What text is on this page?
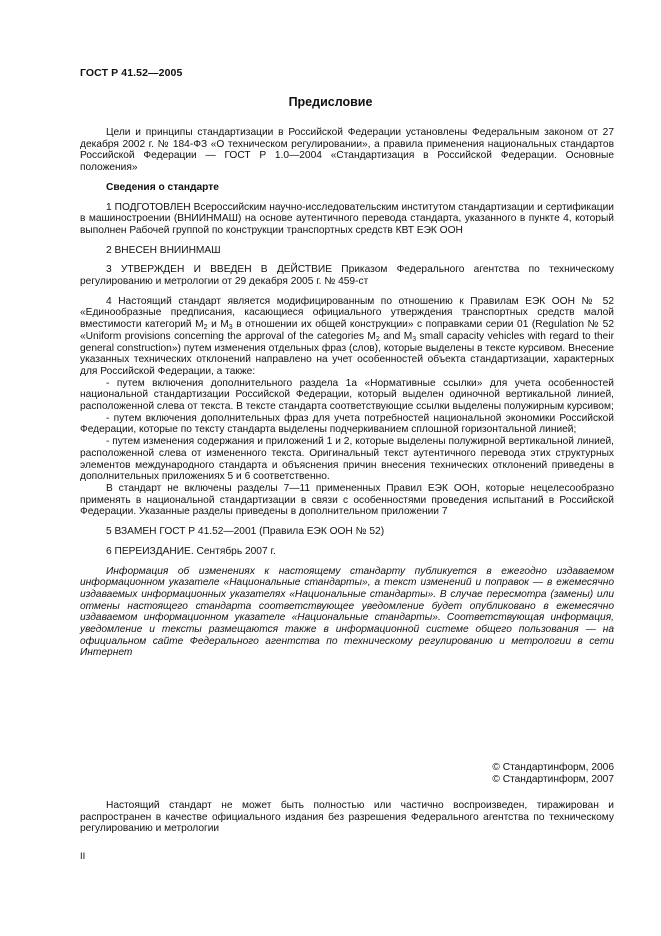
ГОСТ Р 41.52—2005
Предисловие

Цели и принципы стандартизации в Российской Федерации установлены Федеральным законом от 27 декабря 2002 г. № 184-ФЗ «О техническом регулировании», а правила применения национальных стандартов Российской Федерации — ГОСТ Р 1.0—2004 «Стандартизация в Российской Федерации. Основные положения»

Сведения о стандарте

1 ПОДГОТОВЛЕН Всероссийским научно-исследовательским институтом стандартизации и сертификации в машиностроении (ВНИИНМАШ) на основе аутентичного перевода стандарта, указанного в пункте 4, который выполнен Рабочей группой по конструкции транспортных средств КВТ ЕЭК ООН

2 ВНЕСЕН ВНИИНМАШ

3 УТВЕРЖДЕН И ВВЕДЕН В ДЕЙСТВИЕ Приказом Федерального агентства по техническому регулированию и метрологии от 29 декабря 2005 г. № 459-ст

4 Настоящий стандарт является модифицированным по отношению к Правилам ЕЭК ООН № 52 «Единообразные предписания, касающиеся официального утверждения транспортных средств малой вместимости категорий $M_2$ и $M_3$ в отношении их общей конструкции» с поправками серии 01 (Regulation № 52 «Uniform provisions concerning the approval of the categories $M_2$ and $M_3$ small capacity vehicles with regard to their general construction») путем изменения отдельных фраз (слов), которые выделены в тексте курсивом. Внесение указанных технических отклонений направлено на учет особенностей объекта стандартизации, характерных для Российской Федерации, а также:

- путем включения дополнительного раздела 1а «Нормативные ссылки» для учета особенностей национальной стандартизации Российской Федерации, который выделен одиночной вертикальной линией, расположенной слева от текста. В тексте стандарта соответствующие ссылки выделены полужирным курсивом;

- путем включения дополнительных фраз для учета потребностей национальной экономики Российской Федерации, которые по тексту стандарта выделены подчеркиванием сплошной горизонтальной линией;

- путем изменения содержания и приложений 1 и 2, которые выделены полужирной вертикальной линией, расположенной слева от измененного текста. Оригинальный текст аутентичного перевода этих структурных элементов международного стандарта и объяснения причин внесения технических отклонений приведены в дополнительных приложениях 5 и 6 соответственно.

В стандарт не включены разделы 7—11 примененных Правил ЕЭК ООН, которые нецелесообразно применять в национальной стандартизации в связи с особенностями проведения испытаний в Российской Федерации. Указанные разделы приведены в дополнительном приложении 7

5 ВЗАМЕН ГОСТ Р 41.52—2001 (Правила ЕЭК ООН № 52)

6 ПЕРЕИЗДАНИЕ. Сентябрь 2007 г.

Информация об изменениях к настоящему стандарту публикуется в ежегодно издаваемом информационном указателе «Национальные стандарты», а текст изменений и поправок — в ежемесячно издаваемых информационных указателях «Национальные стандарты». В случае пересмотра (замены) или отмены настоящего стандарта соответствующее уведомление будет опубликовано в ежемесячно издаваемом информационном указателе «Национальные стандарты». Соответствующая информация, уведомление и тексты размещаются также в информационной системе общего пользования — на официальном сайте Федерального агентства по техническому регулированию и метрологии в сети Интернет

© Стандартинформ, 2006
© Стандартинформ, 2007

Настоящий стандарт не может быть полностью или частично воспроизведен, тиражирован и распространен в качестве официального издания без разрешения Федерального агентства по техническому регулированию и метрологии

II
